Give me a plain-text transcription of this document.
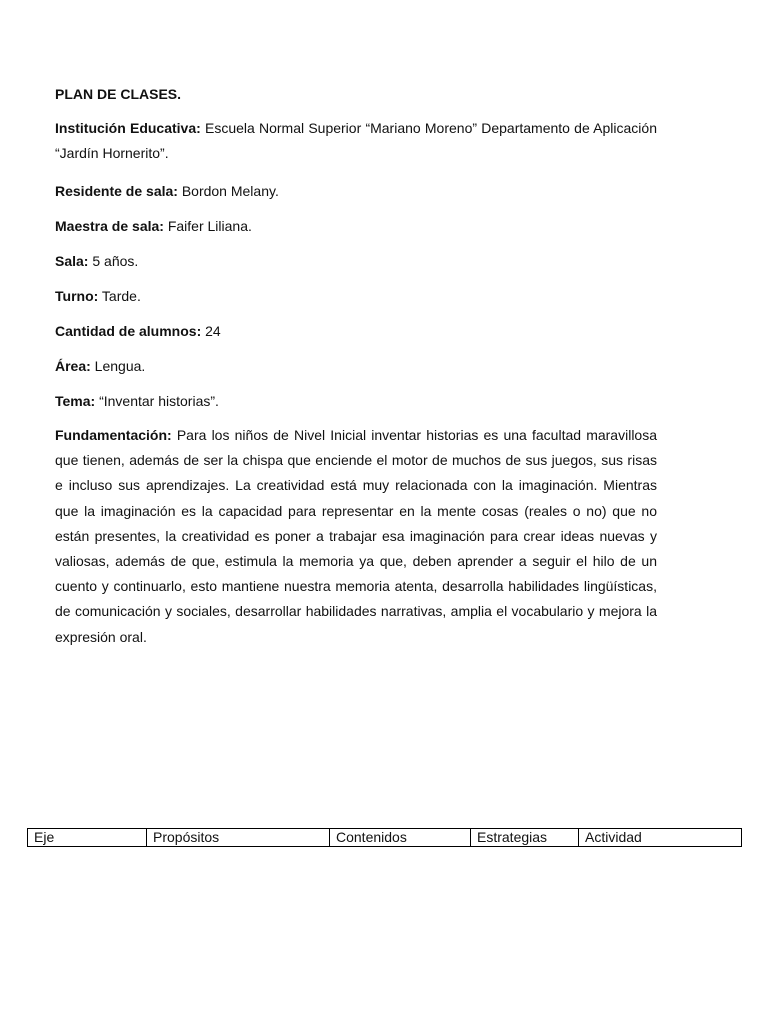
PLAN DE CLASES.
Institución Educativa: Escuela Normal Superior “Mariano Moreno” Departamento de Aplicación “Jardín Hornerito”.
Residente de sala: Bordon Melany.
Maestra de sala: Faifer Liliana.
Sala: 5 años.
Turno: Tarde.
Cantidad de alumnos: 24
Área: Lengua.
Tema: “Inventar historias”.
Fundamentación: Para los niños de Nivel Inicial inventar historias es una facultad maravillosa que tienen, además de ser la chispa que enciende el motor de muchos de sus juegos, sus risas e incluso sus aprendizajes. La creatividad está muy relacionada con la imaginación. Mientras que la imaginación es la capacidad para representar en la mente cosas (reales o no) que no están presentes, la creatividad es poner a trabajar esa imaginación para crear ideas nuevas y valiosas, además de que, estimula la memoria ya que, deben aprender a seguir el hilo de un cuento y continuarlo, esto mantiene nuestra memoria atenta, desarrolla habilidades lingüísticas, de comunicación y sociales, desarrollar habilidades narrativas, amplia el vocabulario y mejora la expresión oral.
Eje	Propósitos	Contenidos	Estrategias	Actividad
